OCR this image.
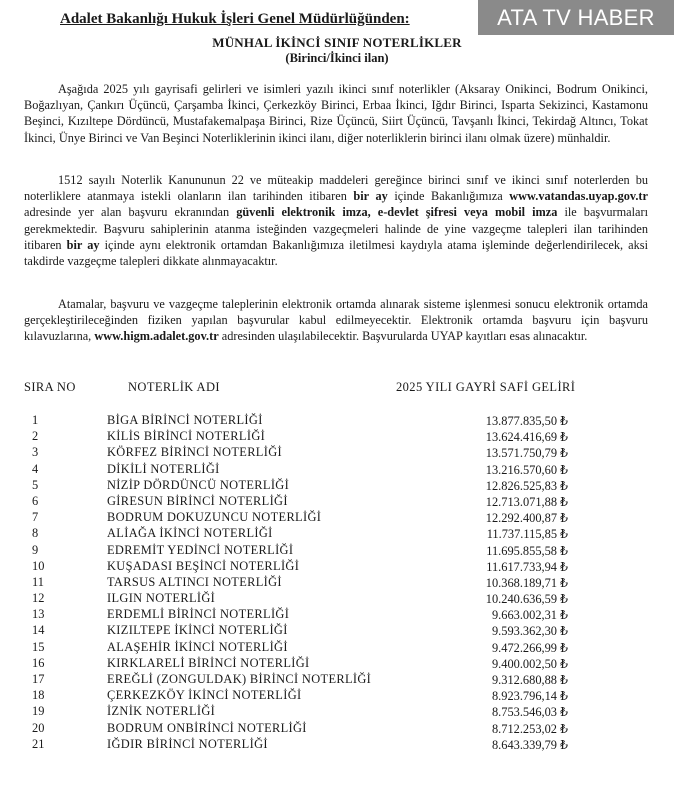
ATA TV HABER
Adalet Bakanlığı Hukuk İşleri Genel Müdürlüğünden:
MÜNHAL İKİNCİ SINIF NOTERLİKLER
(Birinci/İkinci ilan)
Aşağıda 2025 yılı gayrisafi gelirleri ve isimleri yazılı ikinci sınıf noterlikler (Aksaray Onikinci, Bodrum Onikinci, Boğazlıyan, Çankırı Üçüncü, Çarşamba İkinci, Çerkezköy Birinci, Erbaa İkinci, Iğdır Birinci, Isparta Sekizinci, Kastamonu Beşinci, Kızıltepe Dördüncü, Mustafakemalpaşa Birinci, Rize Üçüncü, Siirt Üçüncü, Tavşanlı İkinci, Tekirdağ Altıncı, Tokat İkinci, Ünye Birinci ve Van Beşinci Noterliklerinin ikinci ilanı, diğer noterliklerin birinci ilanı olmak üzere) münhaldir.
1512 sayılı Noterlik Kanununun 22 ve müteakip maddeleri gereğince birinci sınıf ve ikinci sınıf noterlerden bu noterliklere atanmaya istekli olanların ilan tarihinden itibaren bir ay içinde Bakanlığımıza www.vatandas.uyap.gov.tr adresinde yer alan başvuru ekranından güvenli elektronik imza, e-devlet şifresi veya mobil imza ile başvurmaları gerekmektedir. Başvuru sahiplerinin atanma isteğinden vazgeçmeleri halinde de yine vazgeçme talepleri ilan tarihinden itibaren bir ay içinde aynı elektronik ortamdan Bakanlığımıza iletilmesi kaydıyla atama işleminde değerlendirilecek, aksi takdirde vazgeçme talepleri dikkate alınmayacaktır.
Atamalar, başvuru ve vazgeçme taleplerinin elektronik ortamda alınarak sisteme işlenmesi sonucu elektronik ortamda gerçekleştirileceğinden fiziken yapılan başvurular kabul edilmeyecektir. Elektronik ortamda başvuru için başvuru kılavuzlarına, www.higm.adalet.gov.tr adresinden ulaşılabilecektir. Başvurularda UYAP kayıtları esas alınacaktır.
SIRA NO	NOTERLİK ADI	2025 YILI GAYRİ SAFİ GELİRİ
1	BİGA BİRİNCİ NOTERLİĞİ	13.877.835,50 ₺
2	KİLİS BİRİNCİ NOTERLİĞİ	13.624.416,69 ₺
3	KÖRFEZ BİRİNCİ NOTERLİĞİ	13.571.750,79 ₺
4	DİKİLİ NOTERLİĞİ	13.216.570,60 ₺
5	NİZİP DÖRDÜNCÜ NOTERLİĞİ	12.826.525,83 ₺
6	GİRESUN BİRİNCİ NOTERLİĞİ	12.713.071,88 ₺
7	BODRUM DOKUZUNCU NOTERLİĞİ	12.292.400,87 ₺
8	ALİAĞA İKİNCİ NOTERLİĞİ	11.737.115,85 ₺
9	EDREMİT YEDİNCİ NOTERLİĞİ	11.695.855,58 ₺
10	KUŞADASI BEŞİNCİ NOTERLİĞİ	11.617.733,94 ₺
11	TARSUS ALTINCI NOTERLİĞİ	10.368.189,71 ₺
12	ILGIN NOTERLİĞİ	10.240.636,59 ₺
13	ERDEMLİ BİRİNCİ NOTERLİĞİ	9.663.002,31 ₺
14	KIZILTEPE İKİNCİ NOTERLİĞİ	9.593.362,30 ₺
15	ALAŞEHİR İKİNCİ NOTERLİĞİ	9.472.266,99 ₺
16	KIRKLARELİ BİRİNCİ NOTERLİĞİ	9.400.002,50 ₺
17	EREĞLİ (ZONGULDAK) BİRİNCİ NOTERLİĞİ	9.312.680,88 ₺
18	ÇERKEZKÖY İKİNCİ NOTERLİĞİ	8.923.796,14 ₺
19	İZNİK NOTERLİĞİ	8.753.546,03 ₺
20	BODRUM ONBİRİNCİ NOTERLİĞİ	8.712.253,02 ₺
21	IĞDIR BİRİNCİ NOTERLİĞİ	8.643.339,79 ₺
